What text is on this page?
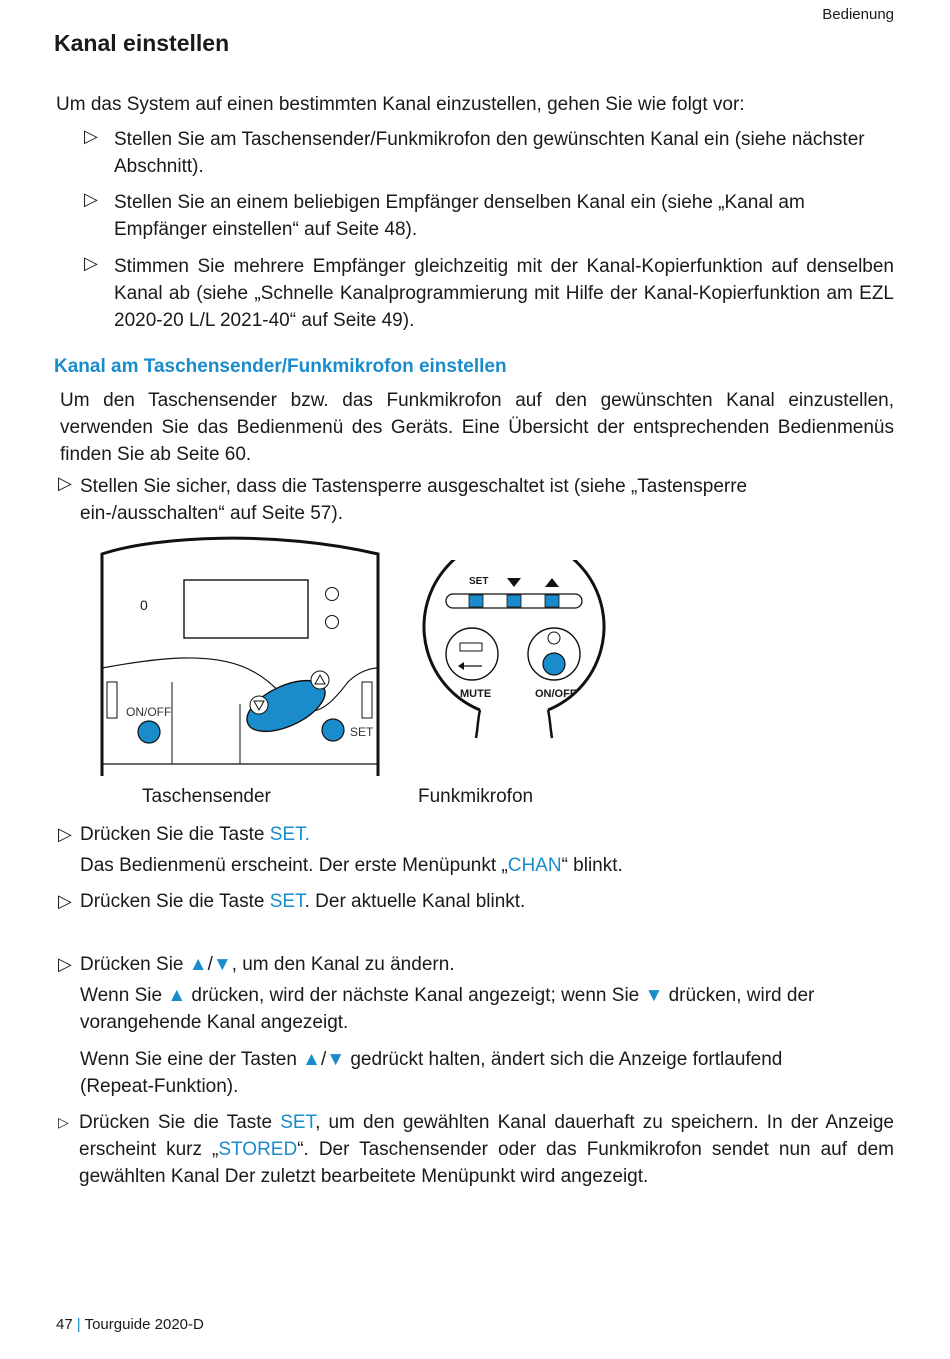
Bedienung
Kanal einstellen
Um das System auf einen bestimmten Kanal einzustellen, gehen Sie wie folgt vor:
▷ Stellen Sie am Taschensender/Funkmikrofon den gewünschten Kanal ein (siehe nächster Abschnitt).
▷ Stellen Sie an einem beliebigen Empfänger denselben Kanal ein (siehe „Kanal am Empfänger einstellen“ auf Seite 48).
▷ Stimmen Sie mehrere Empfänger gleichzeitig mit der Kanal-Kopierfunktion auf denselben Kanal ab (siehe „Schnelle Kanalprogrammierung mit Hilfe der Kanal-Kopierfunktion am EZL 2020-20 L/L 2021-40“ auf Seite 49).
Kanal am Taschensender/Funkmikrofon einstellen
Um den Taschensender bzw. das Funkmikrofon auf den gewünschten Kanal einzustellen, verwenden Sie das Bedienmenü des Geräts. Eine Übersicht der entsprechenden Bedienmenüs finden Sie ab Seite 60.
▷ Stellen Sie sicher, dass die Tastensperre ausgeschaltet ist (siehe „Tastensperre ein-/ausschalten“ auf Seite 57).
0
ON/OFF
SET
SET
MUTE	ON/OFF
Taschensender	Funkmikrofon
▷ Drücken Sie die Taste SET.
Das Bedienmenü erscheint. Der erste Menüpunkt „CHAN“ blinkt.
▷ Drücken Sie die Taste SET. Der aktuelle Kanal blinkt.
▷ Drücken Sie ▲/▼, um den Kanal zu ändern.
Wenn Sie ▲ drücken, wird der nächste Kanal angezeigt; wenn Sie ▼ drücken, wird der vorangehende Kanal angezeigt.
Wenn Sie eine der Tasten ▲/▼ gedrückt halten, ändert sich die Anzeige fortlaufend (Repeat-Funktion).
▷ Drücken Sie die Taste SET, um den gewählten Kanal dauerhaft zu speichern. In der Anzeige erscheint kurz „STORED“. Der Taschensender oder das Funkmikrofon sendet nun auf dem gewählten Kanal Der zuletzt bearbeitete Menüpunkt wird angezeigt.
47 | Tourguide 2020-D
